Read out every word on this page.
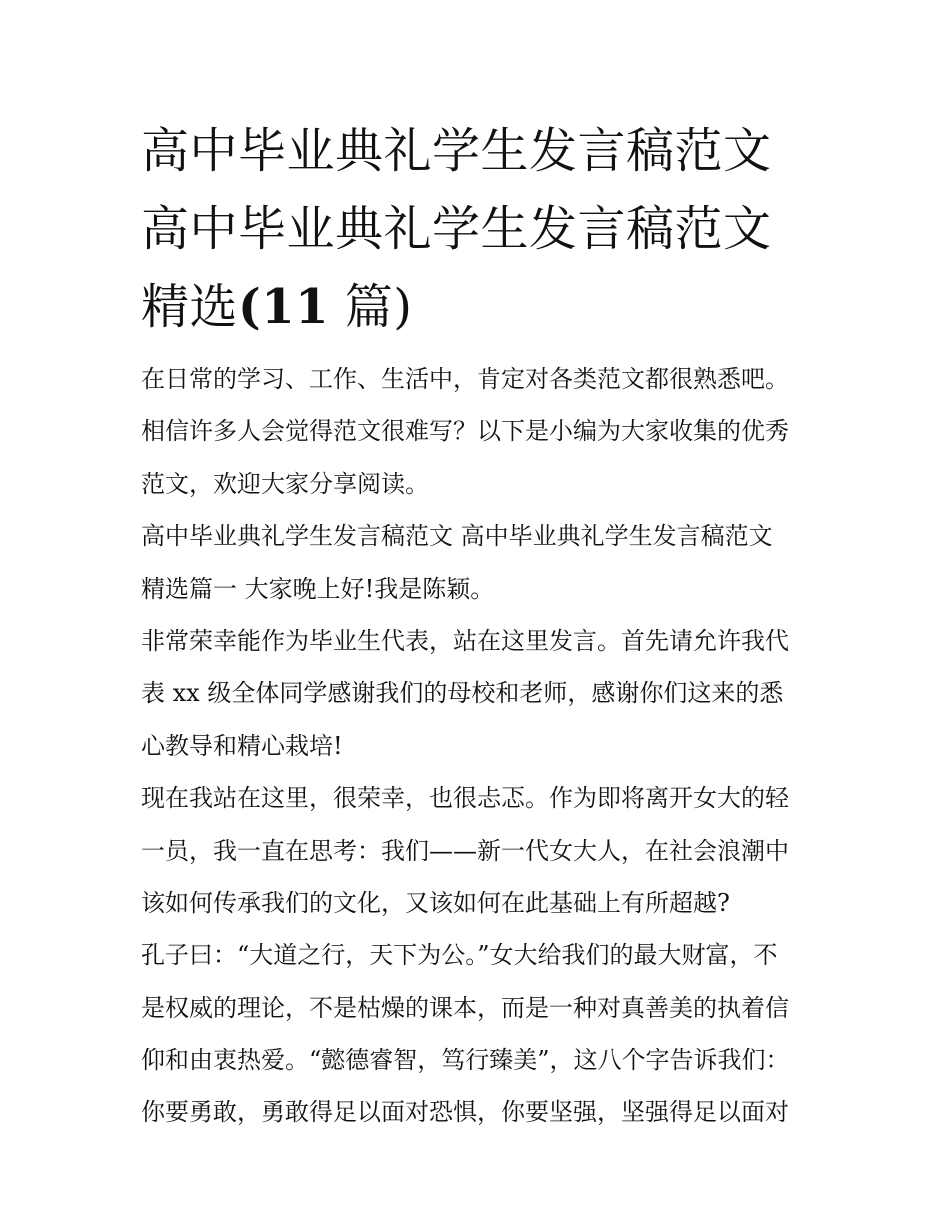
高中毕业典礼学生发言稿范文
高中毕业典礼学生发言稿范文
精选(11 篇)
在日常的学习、工作、生活中，肯定对各类范文都很熟悉吧。
相信许多人会觉得范文很难写？以下是小编为大家收集的优秀
范文，欢迎大家分享阅读。
高中毕业典礼学生发言稿范文 高中毕业典礼学生发言稿范文
精选篇一 大家晚上好!我是陈颖。
非常荣幸能作为毕业生代表，站在这里发言。首先请允许我代
表 xx 级全体同学感谢我们的母校和老师，感谢你们这来的悉
心教导和精心栽培!
现在我站在这里，很荣幸，也很忐忑。作为即将离开女大的轻
一员，我一直在思考：我们——新一代女大人，在社会浪潮中
该如何传承我们的文化，又该如何在此基础上有所超越?
孔子曰：“大道之行，天下为公。”女大给我们的最大财富，不
是权威的理论，不是枯燥的课本，而是一种对真善美的执着信
仰和由衷热爱。“懿德睿智，笃行臻美”，这八个字告诉我们：
你要勇敢，勇敢得足以面对恐惧，你要坚强，坚强得足以面对
